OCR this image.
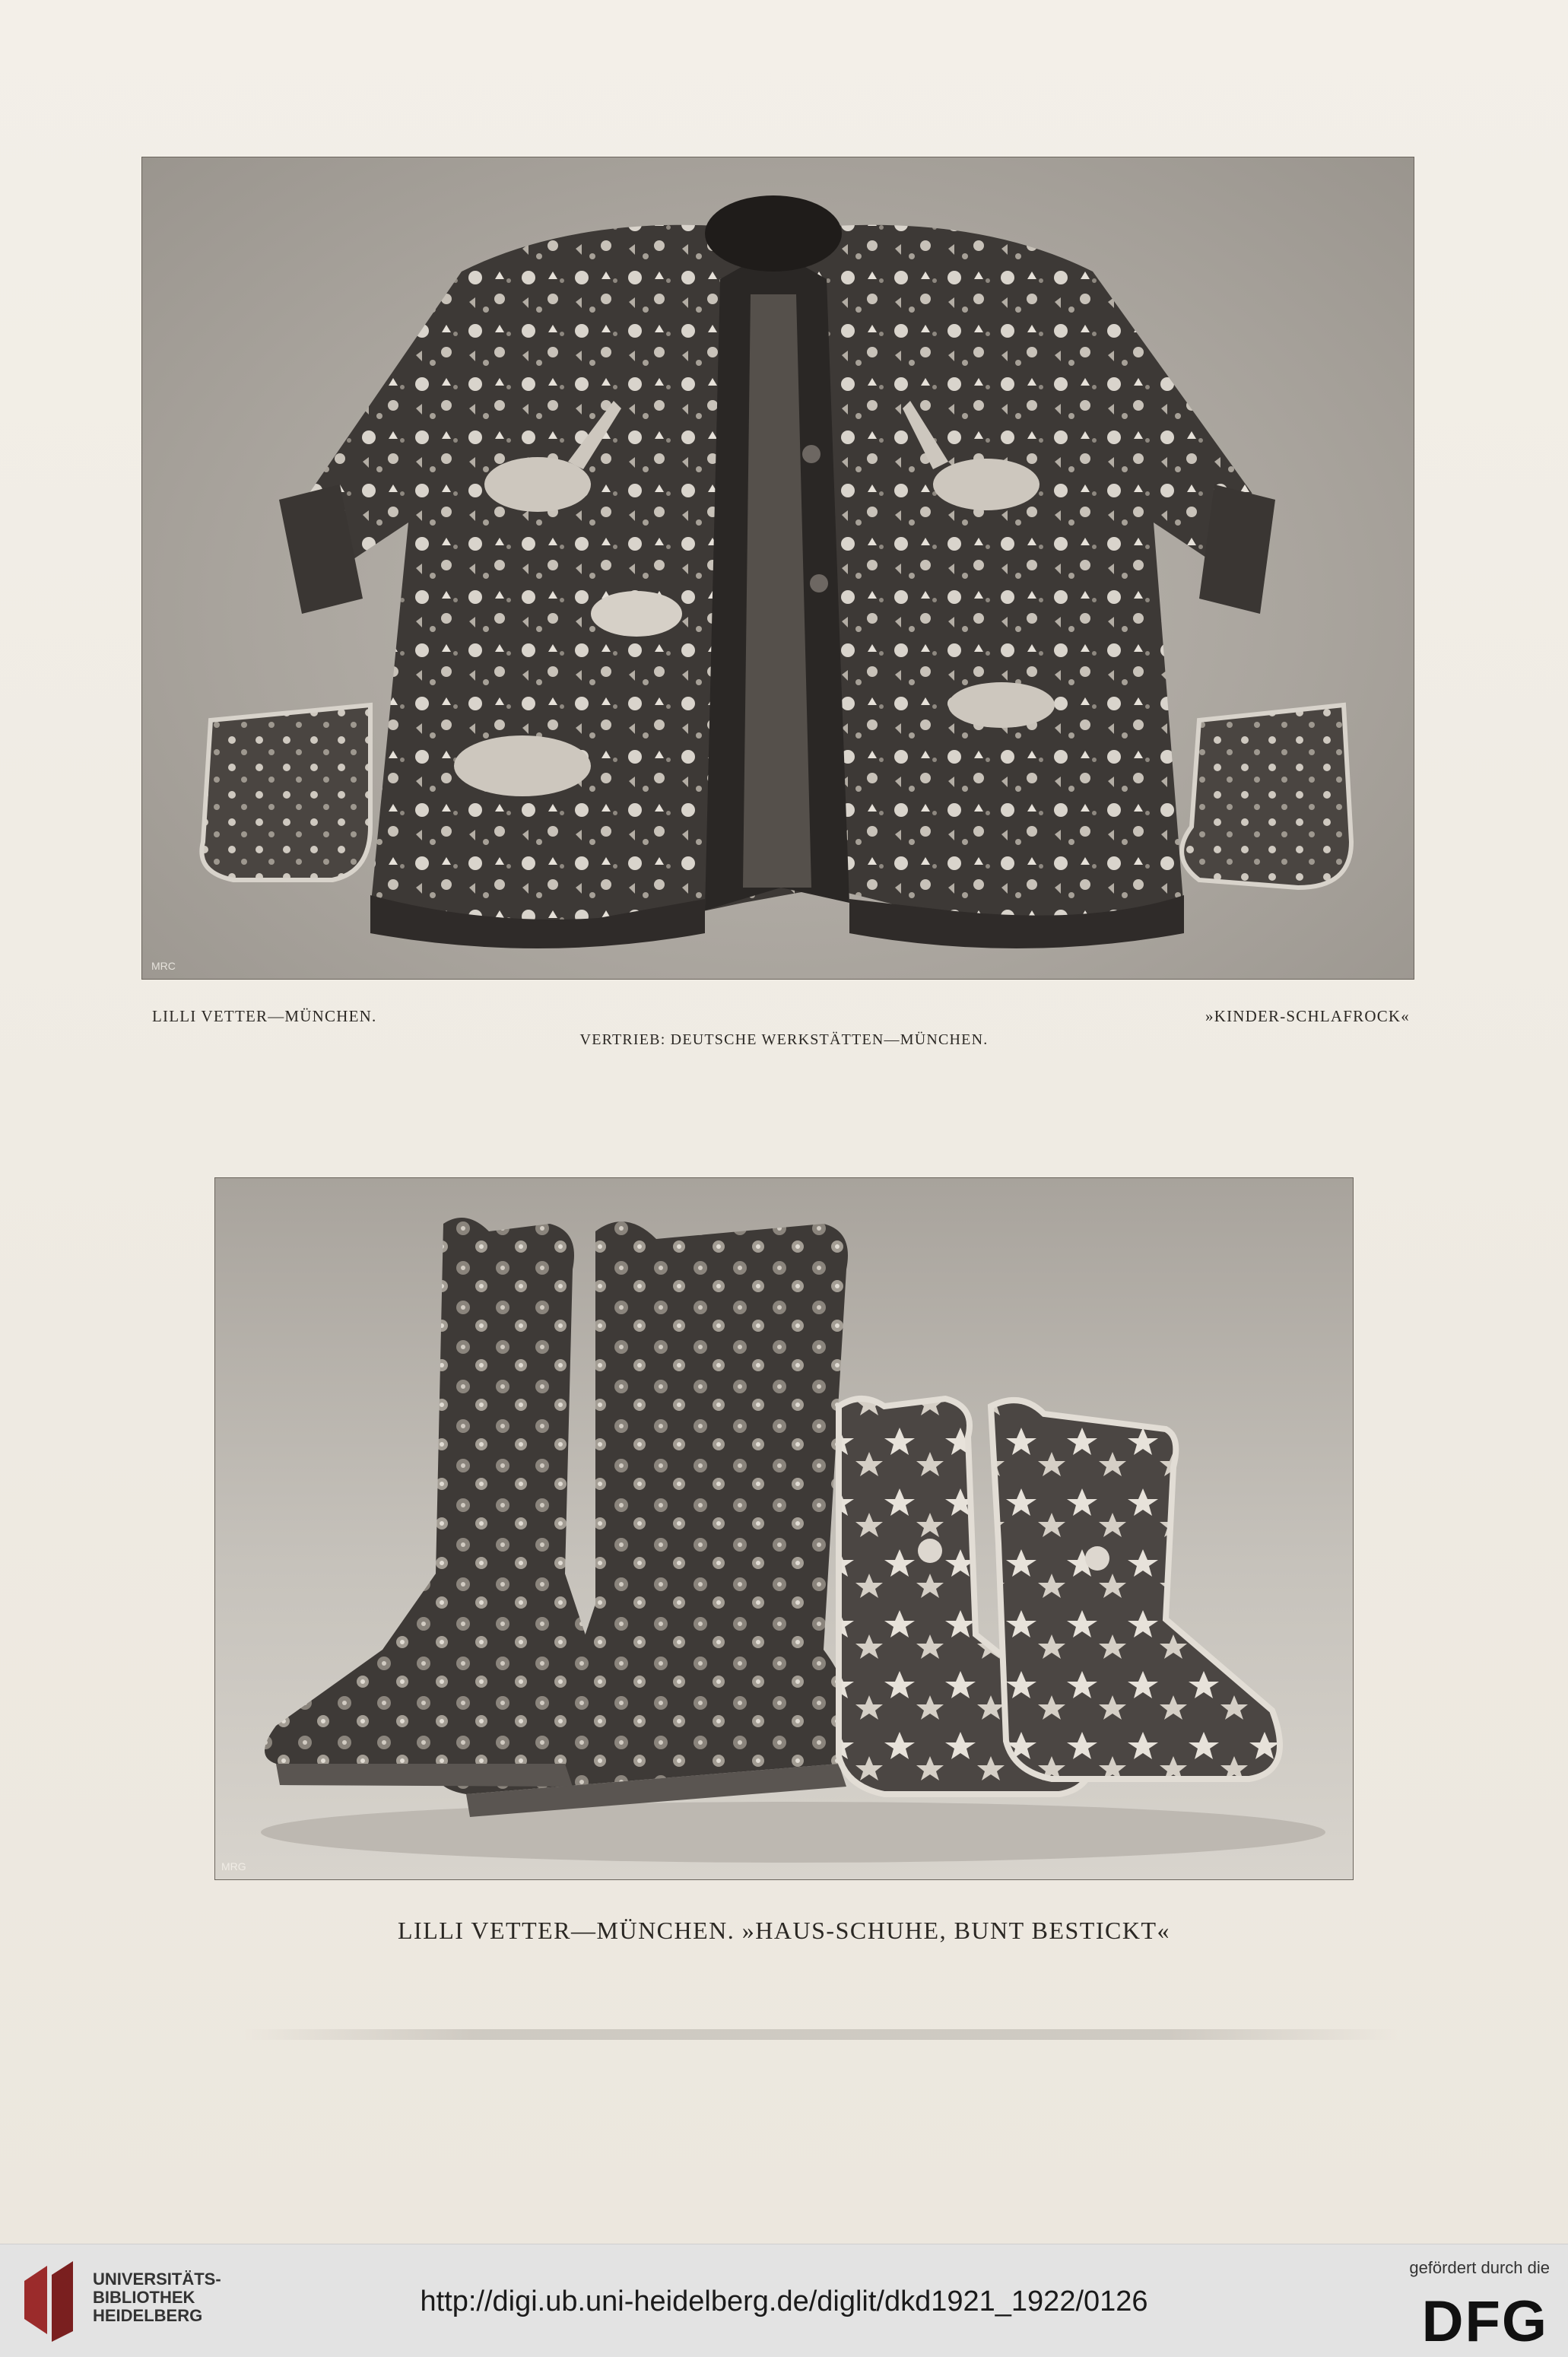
MRC
LILLI VETTER—MÜNCHEN.	»KINDER-SCHLAFROCK«
VERTRIEB: DEUTSCHE WERKSTÄTTEN—MÜNCHEN.
MRG
LILLI VETTER—MÜNCHEN. »HAUS-SCHUHE, BUNT BESTICKT«
UNIVERSITÄTS-
BIBLIOTHEK
HEIDELBERG	http://digi.ub.uni-heidelberg.de/diglit/dkd1921_1922/0126
gefördert durch die
DFG
